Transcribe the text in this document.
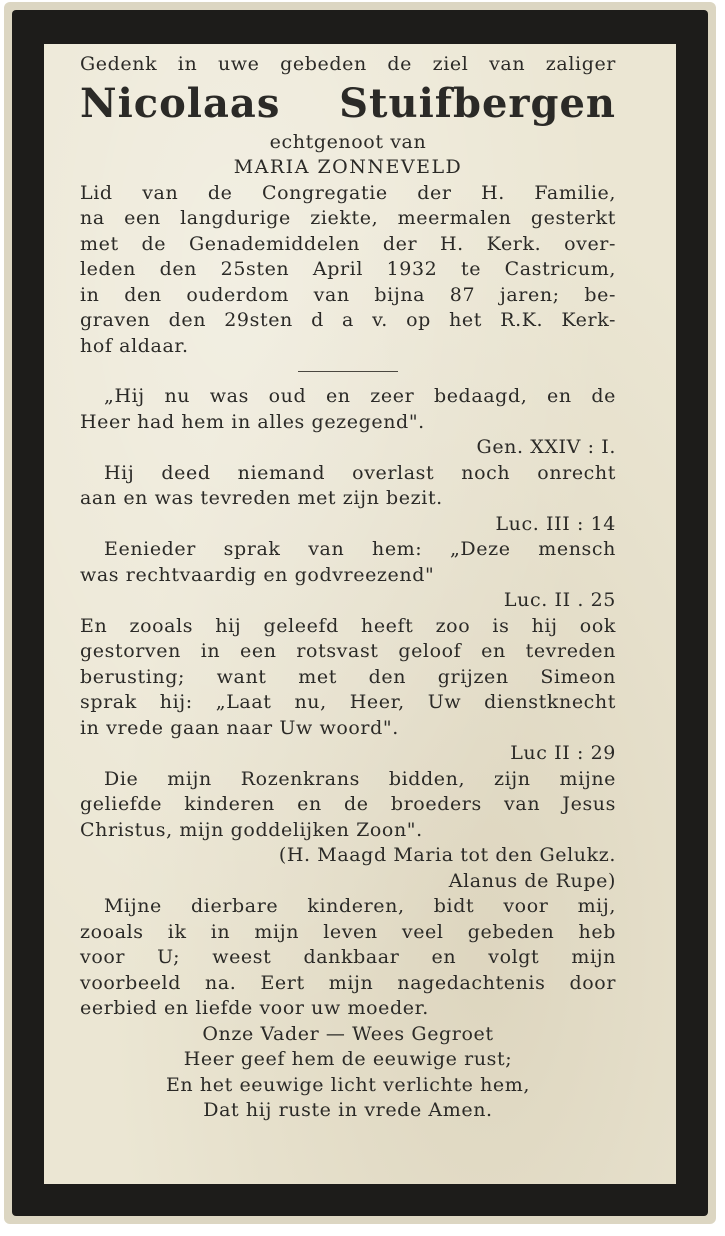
Gedenk in uwe gebeden de ziel van zaliger
Nicolaas Stuifbergen
echtgenoot van
MARIA ZONNEVELD
Lid van de Congregatie der H. Familie,
na een langdurige ziekte, meermalen gesterkt
met de Genademiddelen der H. Kerk. over-
leden den 25sten April 1932 te Castricum,
in den ouderdom van bijna 87 jaren; be-
graven den 29sten d a v. op het R.K. Kerk-
hof aldaar.
„Hij nu was oud en zeer bedaagd, en de
Heer had hem in alles gezegend".
Gen. XXIV : I.
Hij deed niemand overlast noch onrecht
aan en was tevreden met zijn bezit.
Luc. III : 14
Eenieder sprak van hem: „Deze mensch
was rechtvaardig en godvreezend"
Luc. II . 25
En zooals hij geleefd heeft zoo is hij ook
gestorven in een rotsvast geloof en tevreden
berusting; want met den grijzen Simeon
sprak hij: „Laat nu, Heer, Uw dienstknecht
in vrede gaan naar Uw woord".
Luc II : 29
Die mijn Rozenkrans bidden, zijn mijne
geliefde kinderen en de broeders van Jesus
Christus, mijn goddelijken Zoon".
(H. Maagd Maria tot den Gelukz.
Alanus de Rupe)
Mijne dierbare kinderen, bidt voor mij,
zooals ik in mijn leven veel gebeden heb
voor U; weest dankbaar en volgt mijn
voorbeeld na. Eert mijn nagedachtenis door
eerbied en liefde voor uw moeder.
Onze Vader — Wees Gegroet
Heer geef hem de eeuwige rust;
En het eeuwige licht verlichte hem,
Dat hij ruste in vrede Amen.
